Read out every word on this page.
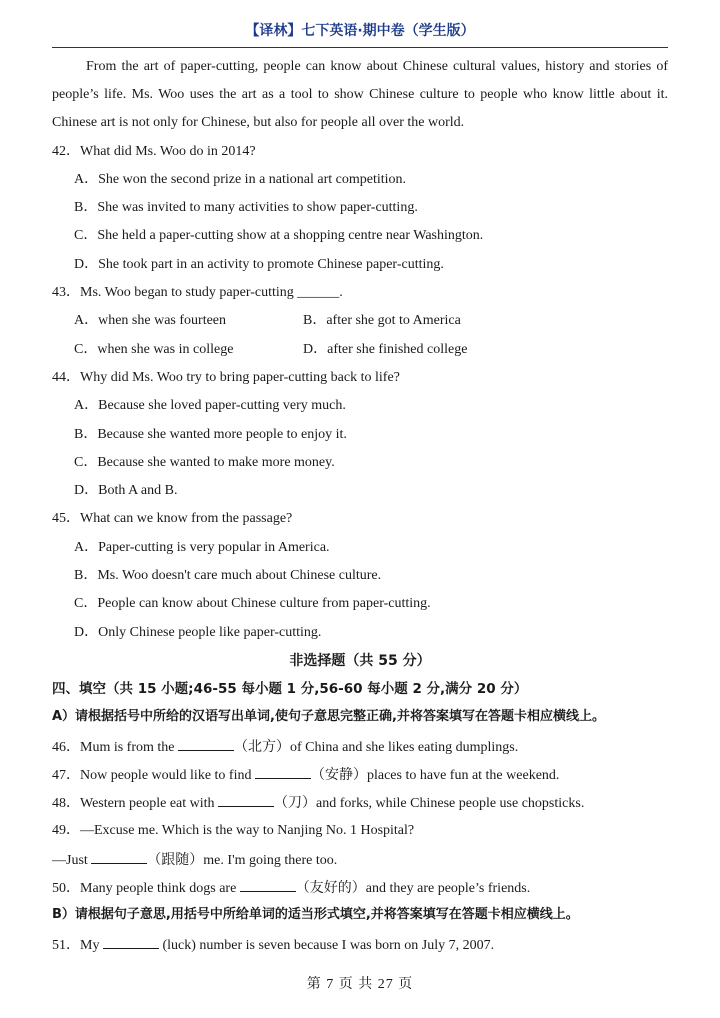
【译林】七下英语·期中卷（学生版）
From the art of paper-cutting, people can know about Chinese cultural values, history and stories of
people’s life. Ms. Woo uses the art as a tool to show Chinese culture to people who know little about it.
Chinese art is not only for Chinese, but also for people all over the world.
42．What did Ms. Woo do in 2014?
A．She won the second prize in a national art competition.
B．She was invited to many activities to show paper-cutting.
C．She held a paper-cutting show at a shopping centre near Washington.
D．She took part in an activity to promote Chinese paper-cutting.
43．Ms. Woo began to study paper-cutting ______.
A．when she was fourteen	B．after she got to America
C．when she was in college	D．after she finished college
44．Why did Ms. Woo try to bring paper-cutting back to life?
A．Because she loved paper-cutting very much.
B．Because she wanted more people to enjoy it.
C．Because she wanted to make more money.
D．Both A and B.
45．What can we know from the passage?
A．Paper-cutting is very popular in America.
B．Ms. Woo doesn't care much about Chinese culture.
C．People can know about Chinese culture from paper-cutting.
D．Only Chinese people like paper-cutting.
非选择题（共 55 分）
四、填空（共 15 小题;46-55 每小题 1 分,56-60 每小题 2 分,满分 20 分）
A）请根据括号中所给的汉语写出单词,使句子意思完整正确,并将答案填写在答题卡相应横线上。
46．Mum is from the	（北方）of China and she likes eating dumplings.
47．Now people would like to find	（安静）places to have fun at the weekend.
48．Western people eat with	（刀）and forks, while Chinese people use chopsticks.
49．—Excuse me. Which is the way to Nanjing No. 1 Hospital?
—Just	（跟随）me. I'm going there too.
50．Many people think dogs are	（友好的）and they are people’s friends.
B）请根据句子意思,用括号中所给单词的适当形式填空,并将答案填写在答题卡相应横线上。
51．My	(luck) number is seven because I was born on July 7, 2007.
第 7 页 共 27 页
